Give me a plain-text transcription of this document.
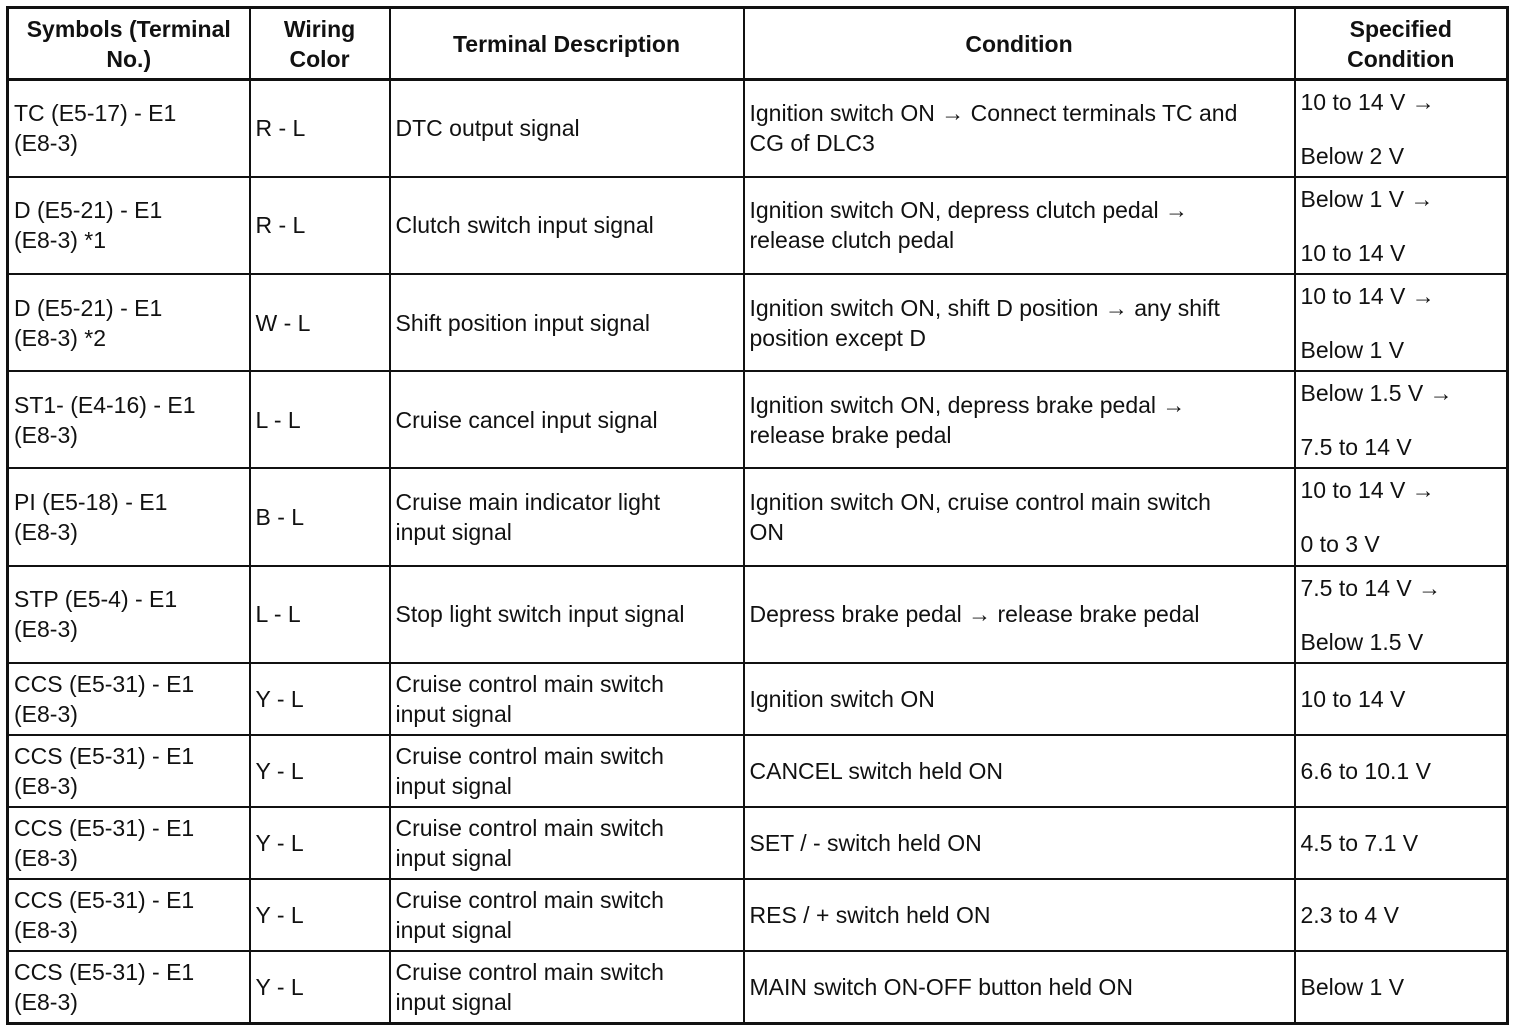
Symbols (Terminal
No.)	Wiring
Color	Terminal Description	Condition	Specified
Condition
TC (E5-17) - E1
(E8-3)	R - L	DTC output signal	Ignition switch ON → Connect terminals TC and
CG of DLC3	10 to 14 V →
Below 2 V
D (E5-21) - E1
(E8-3) *1	R - L	Clutch switch input signal	Ignition switch ON, depress clutch pedal →
release clutch pedal	Below 1 V →
10 to 14 V
D (E5-21) - E1
(E8-3) *2	W - L	Shift position input signal	Ignition switch ON, shift D position → any shift
position except D	10 to 14 V →
Below 1 V
ST1- (E4-16) - E1
(E8-3)	L - L	Cruise cancel input signal	Ignition switch ON, depress brake pedal →
release brake pedal	Below 1.5 V →
7.5 to 14 V
PI (E5-18) - E1
(E8-3)	B - L	Cruise main indicator light
input signal	Ignition switch ON, cruise control main switch
ON	10 to 14 V →
0 to 3 V
STP (E5-4) - E1
(E8-3)	L - L	Stop light switch input signal	Depress brake pedal → release brake pedal	7.5 to 14 V →
Below 1.5 V
CCS (E5-31) - E1
(E8-3)	Y - L	Cruise control main switch
input signal	Ignition switch ON	10 to 14 V
CCS (E5-31) - E1
(E8-3)	Y - L	Cruise control main switch
input signal	CANCEL switch held ON	6.6 to 10.1 V
CCS (E5-31) - E1
(E8-3)	Y - L	Cruise control main switch
input signal	SET / - switch held ON	4.5 to 7.1 V
CCS (E5-31) - E1
(E8-3)	Y - L	Cruise control main switch
input signal	RES / + switch held ON	2.3 to 4 V
CCS (E5-31) - E1
(E8-3)	Y - L	Cruise control main switch
input signal	MAIN switch ON-OFF button held ON	Below 1 V
